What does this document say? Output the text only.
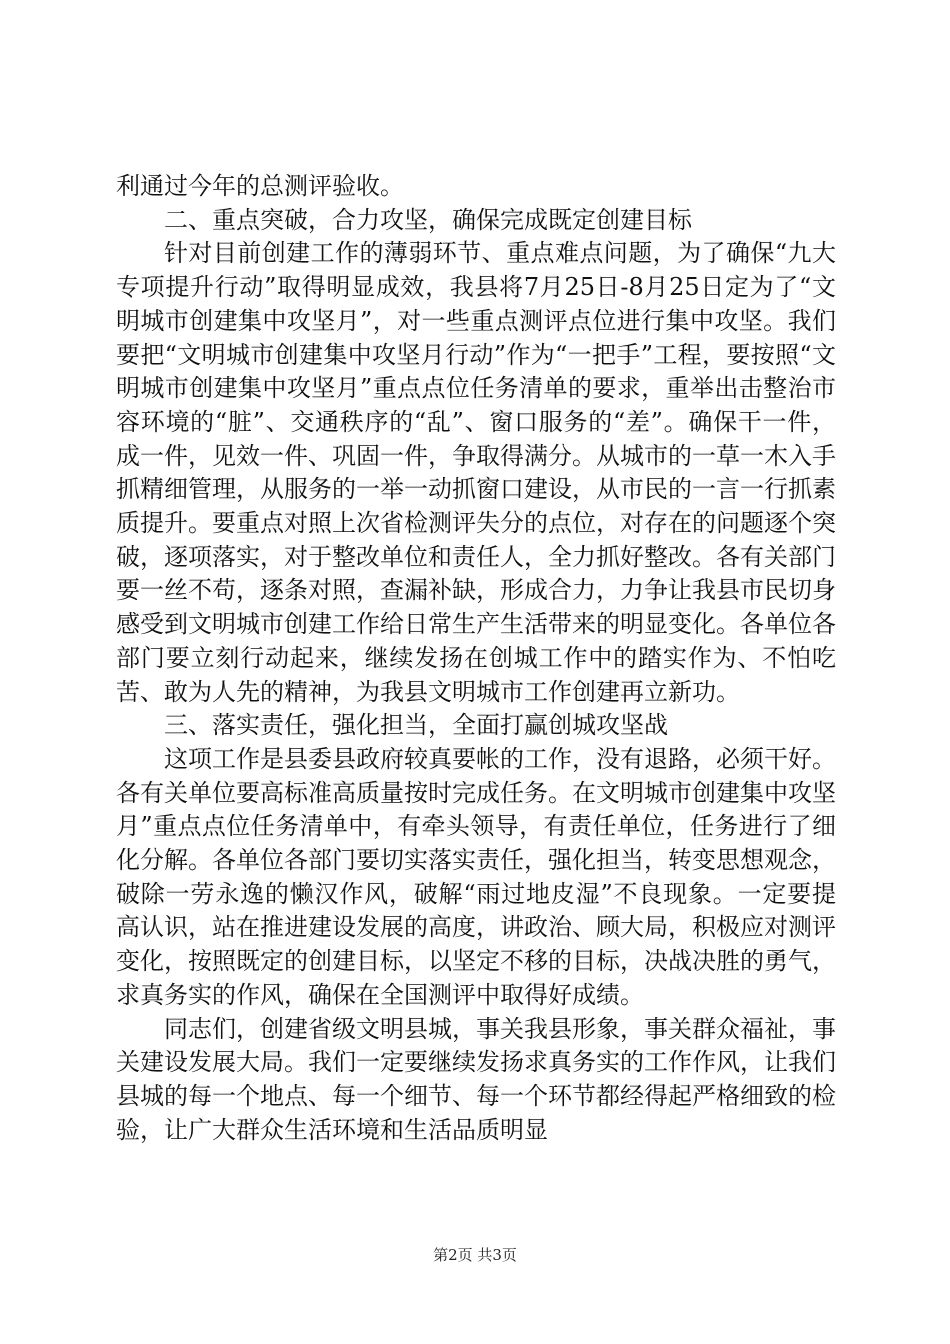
利通过今年的总测评验收。

二、重点突破，合力攻坚，确保完成既定创建目标

针对目前创建工作的薄弱环节、重点难点问题，为了确保“九大专项提升行动”取得明显成效，我县将7月25日-8月25日定为了“文明城市创建集中攻坚月”，对一些重点测评点位进行集中攻坚。我们要把“文明城市创建集中攻坚月行动”作为“一把手”工程，要按照“文明城市创建集中攻坚月”重点点位任务清单的要求，重举出击整治市容环境的“脏”、交通秩序的“乱”、窗口服务的“差”。确保干一件，成一件，见效一件、巩固一件，争取得满分。从城市的一草一木入手抓精细管理，从服务的一举一动抓窗口建设，从市民的一言一行抓素质提升。要重点对照上次省检测评失分的点位，对存在的问题逐个突破，逐项落实，对于整改单位和责任人，全力抓好整改。各有关部门要一丝不苟，逐条对照，查漏补缺，形成合力，力争让我县市民切身感受到文明城市创建工作给日常生产生活带来的明显变化。各单位各部门要立刻行动起来，继续发扬在创城工作中的踏实作为、不怕吃苦、敢为人先的精神，为我县文明城市工作创建再立新功。

三、落实责任，强化担当，全面打赢创城攻坚战

这项工作是县委县政府较真要帐的工作，没有退路，必须干好。各有关单位要高标准高质量按时完成任务。在文明城市创建集中攻坚月”重点点位任务清单中，有牵头领导，有责任单位，任务进行了细化分解。各单位各部门要切实落实责任，强化担当，转变思想观念，破除一劳永逸的懒汉作风，破解“雨过地皮湿”不良现象。一定要提高认识，站在推进建设发展的高度，讲政治、顾大局，积极应对测评变化，按照既定的创建目标，以坚定不移的目标，决战决胜的勇气，求真务实的作风，确保在全国测评中取得好成绩。

同志们，创建省级文明县城，事关我县形象，事关群众福祉，事关建设发展大局。我们一定要继续发扬求真务实的工作作风，让我们县城的每一个地点、每一个细节、每一个环节都经得起严格细致的检验，让广大群众生活环境和生活品质明显

第2页 共3页
